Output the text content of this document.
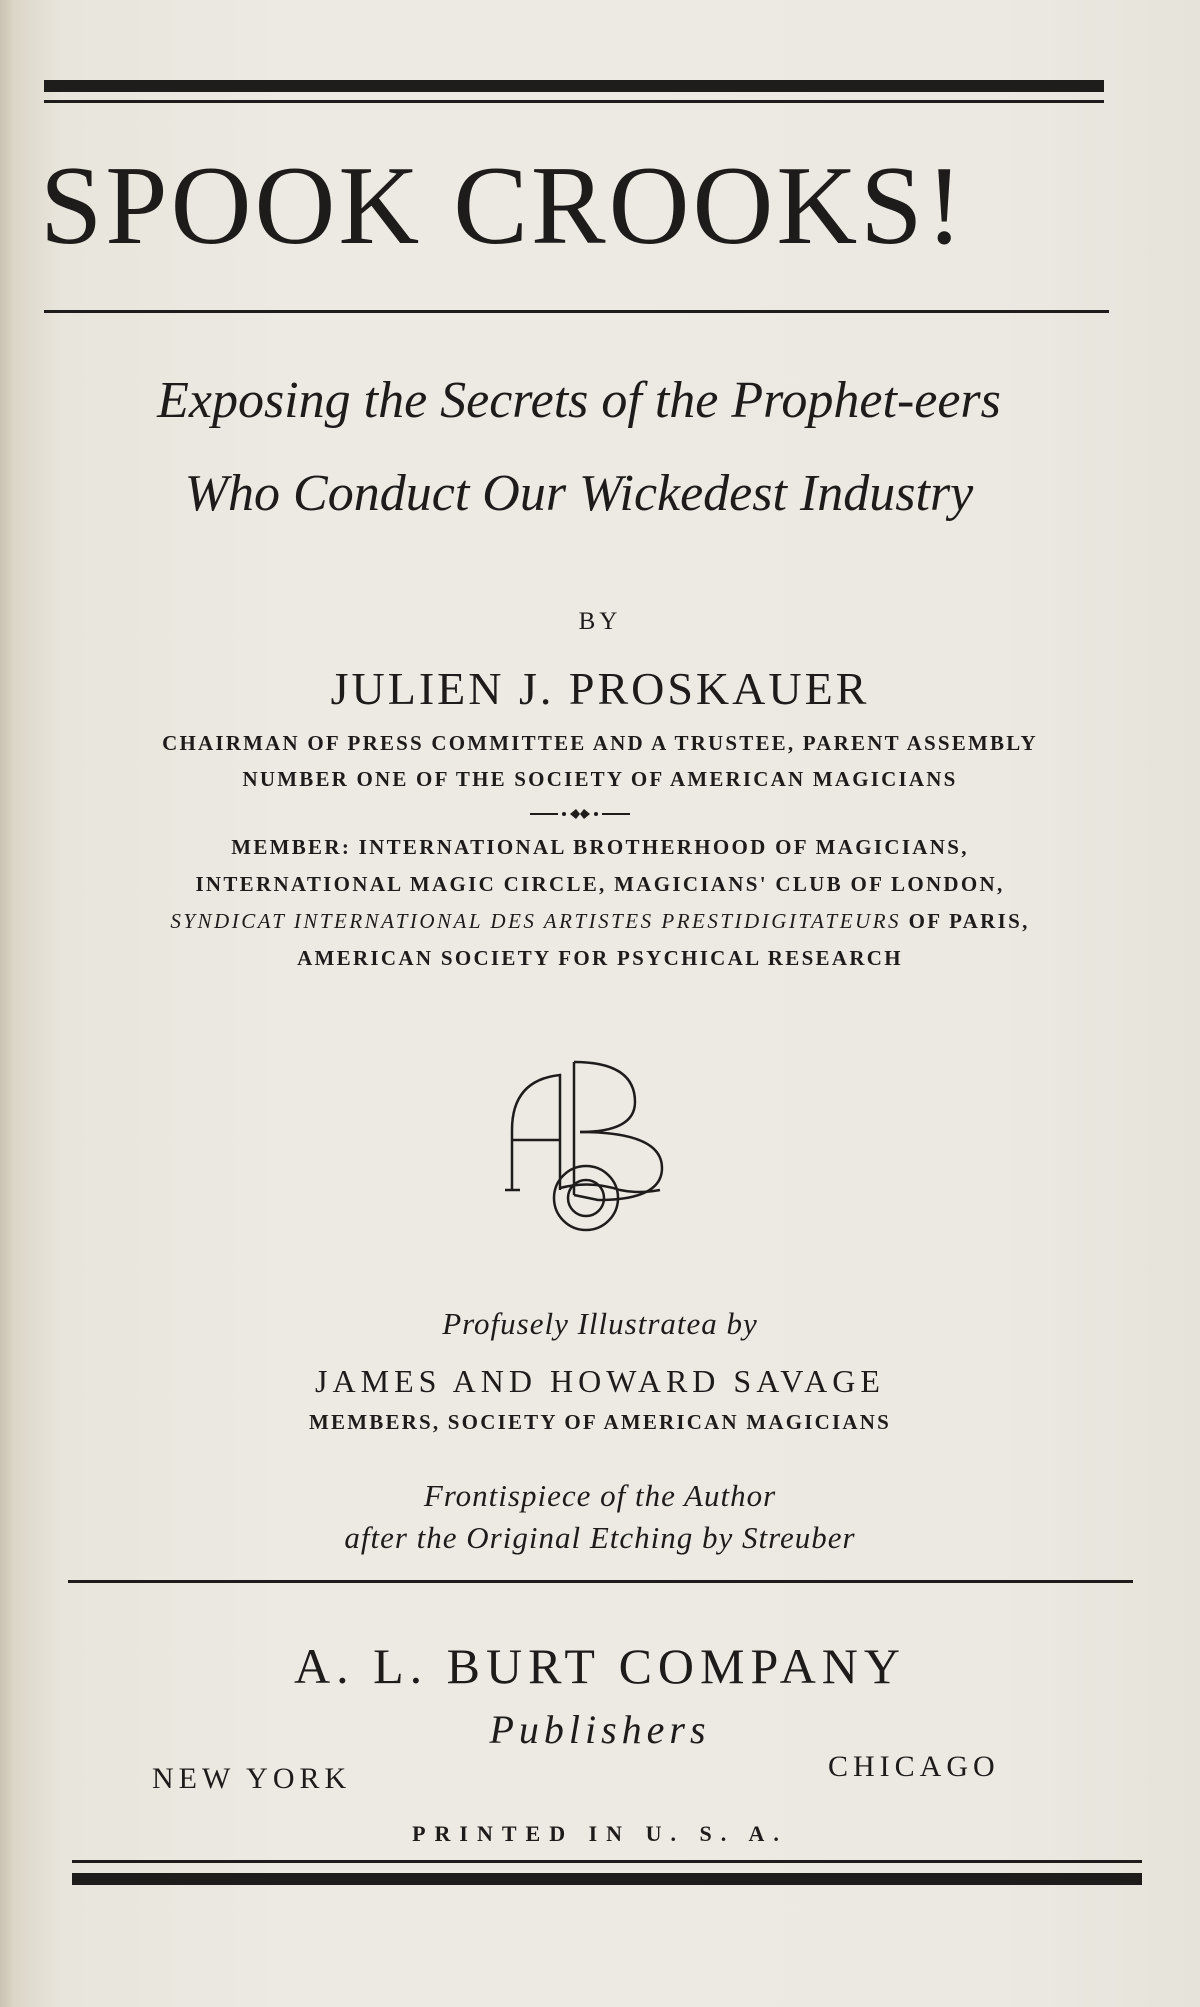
SPOOK CROOKS!
Exposing the Secrets of the Prophet-eers
Who Conduct Our Wickedest Industry
BY
JULIEN J. PROSKAUER
CHAIRMAN OF PRESS COMMITTEE AND A TRUSTEE, PARENT ASSEMBLY
NUMBER ONE OF THE SOCIETY OF AMERICAN MAGICIANS
MEMBER: INTERNATIONAL BROTHERHOOD OF MAGICIANS,
INTERNATIONAL MAGIC CIRCLE, MAGICIANS' CLUB OF LONDON,
SYNDICAT INTERNATIONAL DES ARTISTES PRESTIDIGITATEURS OF PARIS,
AMERICAN SOCIETY FOR PSYCHICAL RESEARCH
Profusely Illustratea by
JAMES AND HOWARD SAVAGE
MEMBERS, SOCIETY OF AMERICAN MAGICIANS
Frontispiece of the Author
after the Original Etching by Streuber
A. L. BURT COMPANY
Publishers
NEW YORK	CHICAGO
PRINTED IN U. S. A.
